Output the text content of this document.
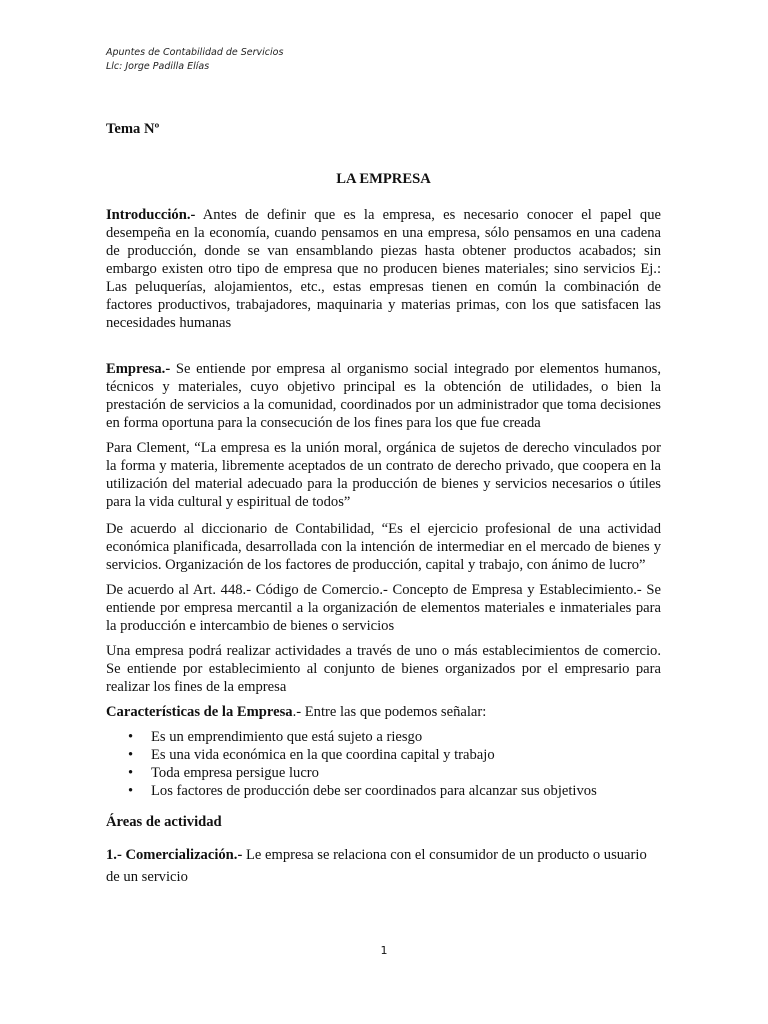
Apuntes de Contabilidad de Servicios
Llc: Jorge Padilla Elías
Tema Nº
LA EMPRESA

Introducción.- Antes de definir que es la empresa, es necesario conocer el papel que desempeña en la economía, cuando pensamos en una empresa, sólo pensamos en una cadena de producción, donde se van ensamblando piezas hasta obtener productos acabados; sin embargo existen otro tipo de empresa que no producen bienes materiales; sino servicios Ej.: Las peluquerías, alojamientos, etc., estas empresas tienen en común la combinación de factores productivos, trabajadores, maquinaria y materias primas, con los que satisfacen las necesidades humanas

Empresa.- Se entiende por empresa al organismo social integrado por elementos humanos, técnicos y materiales, cuyo objetivo principal es la obtención de utilidades, o bien la prestación de servicios a la comunidad, coordinados por un administrador que toma decisiones en forma oportuna para la consecución de los fines para los que fue creada

Para Clement, “La empresa es la unión moral, orgánica de sujetos de derecho vinculados por la forma y materia, libremente aceptados de un contrato de derecho privado, que coopera en la utilización del material adecuado para la producción de bienes y servicios necesarios o útiles para la vida cultural y espiritual de todos”

De acuerdo al diccionario de Contabilidad, “Es el ejercicio profesional de una actividad económica planificada, desarrollada con la intención de intermediar en el mercado de bienes y servicios. Organización de los factores de producción, capital y trabajo, con ánimo de lucro”

De acuerdo al Art. 448.- Código de Comercio.- Concepto de Empresa y Establecimiento.- Se entiende por empresa mercantil a la organización de elementos materiales e inmateriales para la producción e intercambio de bienes o servicios

Una empresa podrá realizar actividades a través de uno o más establecimientos de comercio. Se entiende por establecimiento al conjunto de bienes organizados por el empresario para realizar los fines de la empresa

Características de la Empresa.- Entre las que podemos señalar:

• Es un emprendimiento que está sujeto a riesgo
• Es una vida económica en la que coordina capital y trabajo
• Toda empresa persigue lucro
• Los factores de producción debe ser coordinados para alcanzar sus objetivos
Áreas de actividad

1.- Comercialización.- Le empresa se relaciona con el consumidor de un producto o usuario de un servicio

1
